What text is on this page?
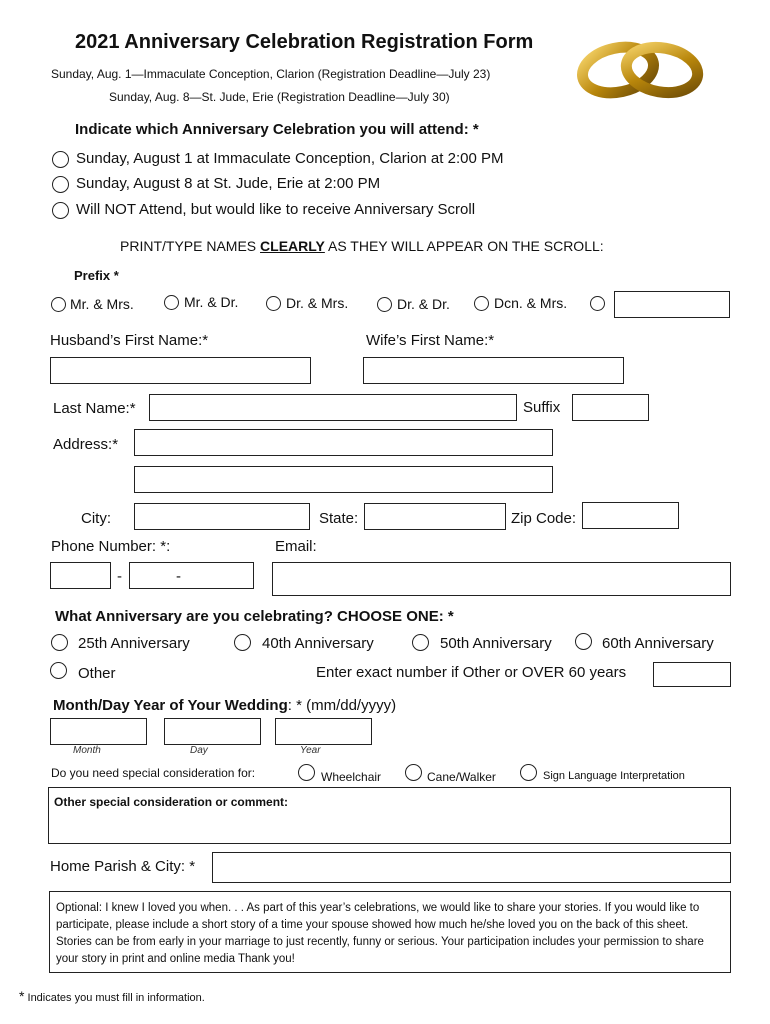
2021 Anniversary Celebration Registration Form
Sunday, Aug. 1—Immaculate Conception, Clarion (Registration Deadline—July 23)
Sunday, Aug. 8—St. Jude, Erie (Registration Deadline—July 30)
Indicate which Anniversary Celebration you will attend: *
Sunday, August 1 at Immaculate Conception, Clarion at 2:00 PM
Sunday, August 8 at St. Jude, Erie at 2:00 PM
Will NOT Attend, but would like to receive Anniversary Scroll
PRINT/TYPE NAMES CLEARLY AS THEY WILL APPEAR ON THE SCROLL:
Prefix *
Mr. & Mrs.	Mr. & Dr.	Dr. & Mrs.	Dr. & Dr.	Dcn. & Mrs.
Husband’s First Name:*	Wife’s First Name:*
Last Name:*	Suffix
Address:*
City:	State:	Zip Code:
Phone Number: *:	Email:
-	-
What Anniversary are you celebrating? CHOOSE ONE: *
25th Anniversary	40th Anniversary	50th Anniversary	60th Anniversary
Other	Enter exact number if Other or OVER 60 years
Month/Day Year of Your Wedding: * (mm/dd/yyyy)
Month	Day	Year
Do you need special consideration for:	Wheelchair	Cane/Walker	Sign Language Interpretation
Other special consideration or comment:
Home Parish & City: *
Optional: I knew I loved you when. . . As part of this year’s celebrations, we would like to share your stories. If you would like to participate, please include a short story of a time your spouse showed how much he/she loved you on the back of this sheet. Stories can be from early in your marriage to just recently, funny or serious. Your participation includes your permission to share your story in print and online media Thank you!
* Indicates you must fill in information.
